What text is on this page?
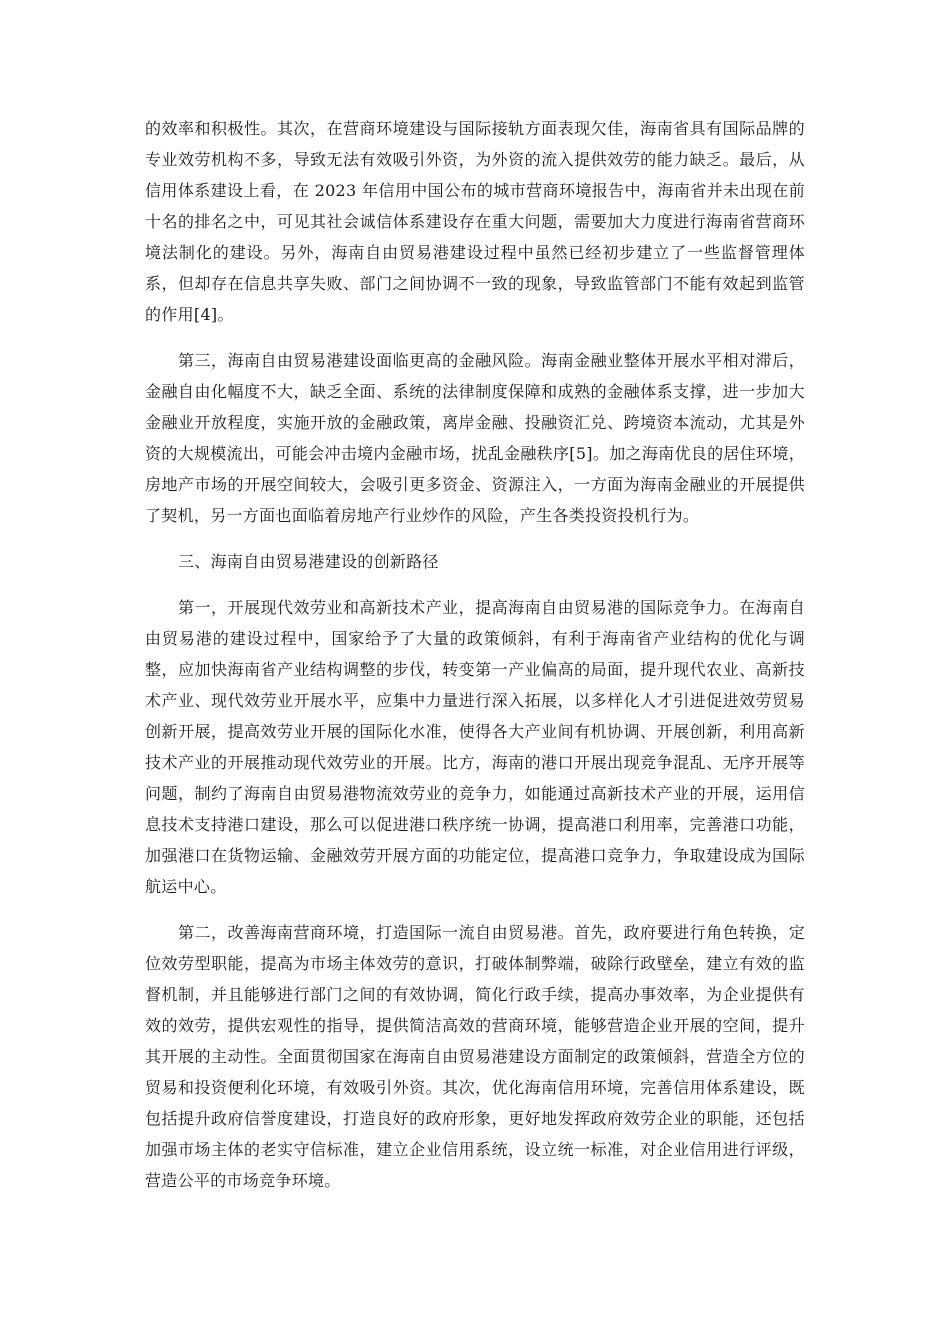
的效率和积极性。其次，在营商环境建设与国际接轨方面表现欠佳，海南省具有国际品牌的专业效劳机构不多，导致无法有效吸引外资，为外资的流入提供效劳的能力缺乏。最后，从信用体系建设上看，在 2023 年信用中国公布的城市营商环境报告中，海南省并未出现在前十名的排名之中，可见其社会诚信体系建设存在重大问题，需要加大力度进行海南省营商环境法制化的建设。另外，海南自由贸易港建设过程中虽然已经初步建立了一些监督管理体系，但却存在信息共享失败、部门之间协调不一致的现象，导致监管部门不能有效起到监管的作用[4]。

第三，海南自由贸易港建设面临更高的金融风险。海南金融业整体开展水平相对滞后，金融自由化幅度不大，缺乏全面、系统的法律制度保障和成熟的金融体系支撑，进一步加大金融业开放程度，实施开放的金融政策，离岸金融、投融资汇兑、跨境资本流动，尤其是外资的大规模流出，可能会冲击境内金融市场，扰乱金融秩序[5]。加之海南优良的居住环境，房地产市场的开展空间较大，会吸引更多资金、资源注入，一方面为海南金融业的开展提供了契机，另一方面也面临着房地产行业炒作的风险，产生各类投资投机行为。

三、海南自由贸易港建设的创新路径

第一，开展现代效劳业和高新技术产业，提高海南自由贸易港的国际竞争力。在海南自由贸易港的建设过程中，国家给予了大量的政策倾斜，有利于海南省产业结构的优化与调整，应加快海南省产业结构调整的步伐，转变第一产业偏高的局面，提升现代农业、高新技术产业、现代效劳业开展水平，应集中力量进行深入拓展，以多样化人才引进促进效劳贸易创新开展，提高效劳业开展的国际化水准，使得各大产业间有机协调、开展创新，利用高新技术产业的开展推动现代效劳业的开展。比方，海南的港口开展出现竞争混乱、无序开展等问题，制约了海南自由贸易港物流效劳业的竞争力，如能通过高新技术产业的开展，运用信息技术支持港口建设，那么可以促进港口秩序统一协调，提高港口利用率，完善港口功能，加强港口在货物运输、金融效劳开展方面的功能定位，提高港口竞争力，争取建设成为国际航运中心。

第二，改善海南营商环境，打造国际一流自由贸易港。首先，政府要进行角色转换，定位效劳型职能，提高为市场主体效劳的意识，打破体制弊端，破除行政壁垒，建立有效的监督机制，并且能够进行部门之间的有效协调，简化行政手续，提高办事效率，为企业提供有效的效劳，提供宏观性的指导，提供简洁高效的营商环境，能够营造企业开展的空间，提升其开展的主动性。全面贯彻国家在海南自由贸易港建设方面制定的政策倾斜，营造全方位的贸易和投资便利化环境，有效吸引外资。其次，优化海南信用环境，完善信用体系建设，既包括提升政府信誉度建设，打造良好的政府形象，更好地发挥政府效劳企业的职能，还包括加强市场主体的老实守信标准，建立企业信用系统，设立统一标准，对企业信用进行评级，营造公平的市场竞争环境。
